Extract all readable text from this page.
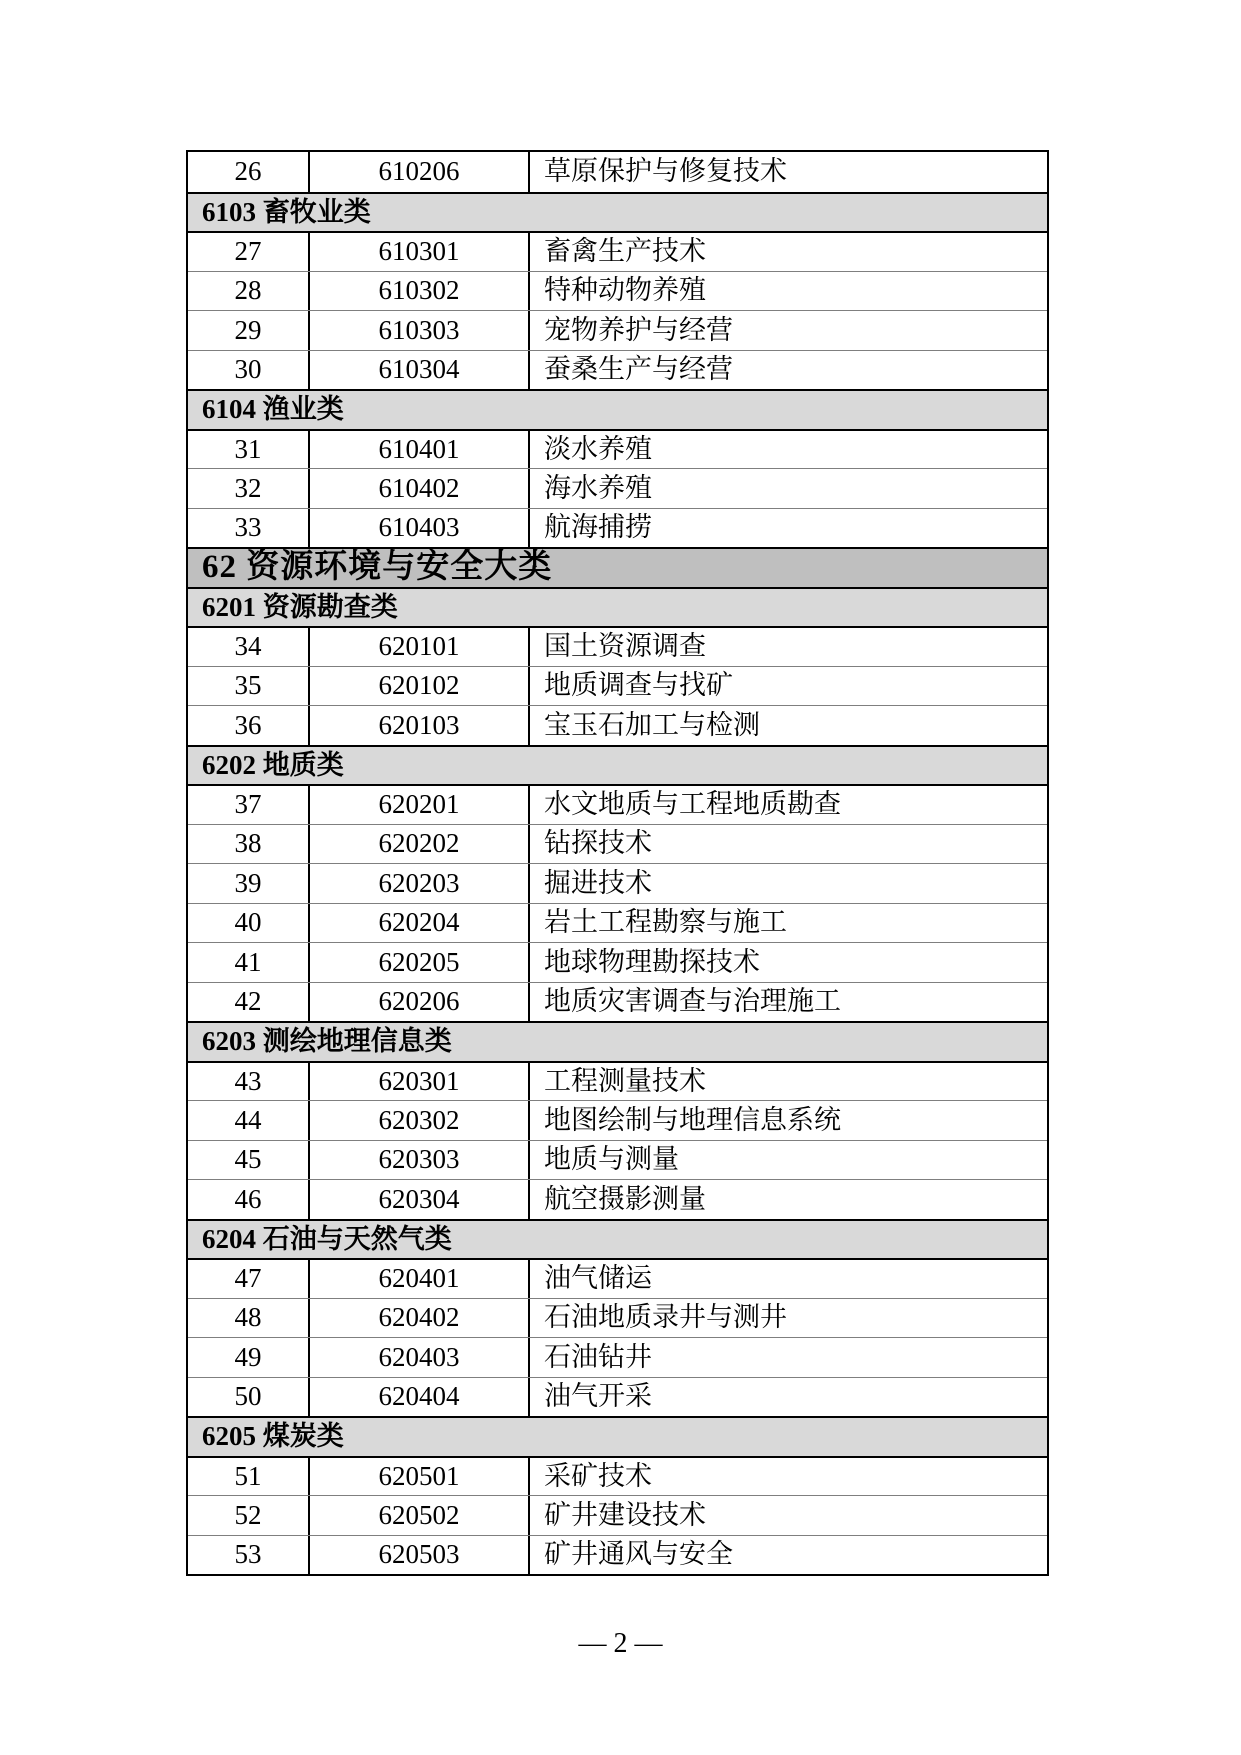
26	610206	草原保护与修复技术
6103 畜牧业类
27	610301	畜禽生产技术
28	610302	特种动物养殖
29	610303	宠物养护与经营
30	610304	蚕桑生产与经营
6104 渔业类
31	610401	淡水养殖
32	610402	海水养殖
33	610403	航海捕捞
62 资源环境与安全大类
6201 资源勘查类
34	620101	国土资源调查
35	620102	地质调查与找矿
36	620103	宝玉石加工与检测
6202 地质类
37	620201	水文地质与工程地质勘查
38	620202	钻探技术
39	620203	掘进技术
40	620204	岩土工程勘察与施工
41	620205	地球物理勘探技术
42	620206	地质灾害调查与治理施工
6203 测绘地理信息类
43	620301	工程测量技术
44	620302	地图绘制与地理信息系统
45	620303	地质与测量
46	620304	航空摄影测量
6204 石油与天然气类
47	620401	油气储运
48	620402	石油地质录井与测井
49	620403	石油钻井
50	620404	油气开采
6205 煤炭类
51	620501	采矿技术
52	620502	矿井建设技术
53	620503	矿井通风与安全
— 2 —
